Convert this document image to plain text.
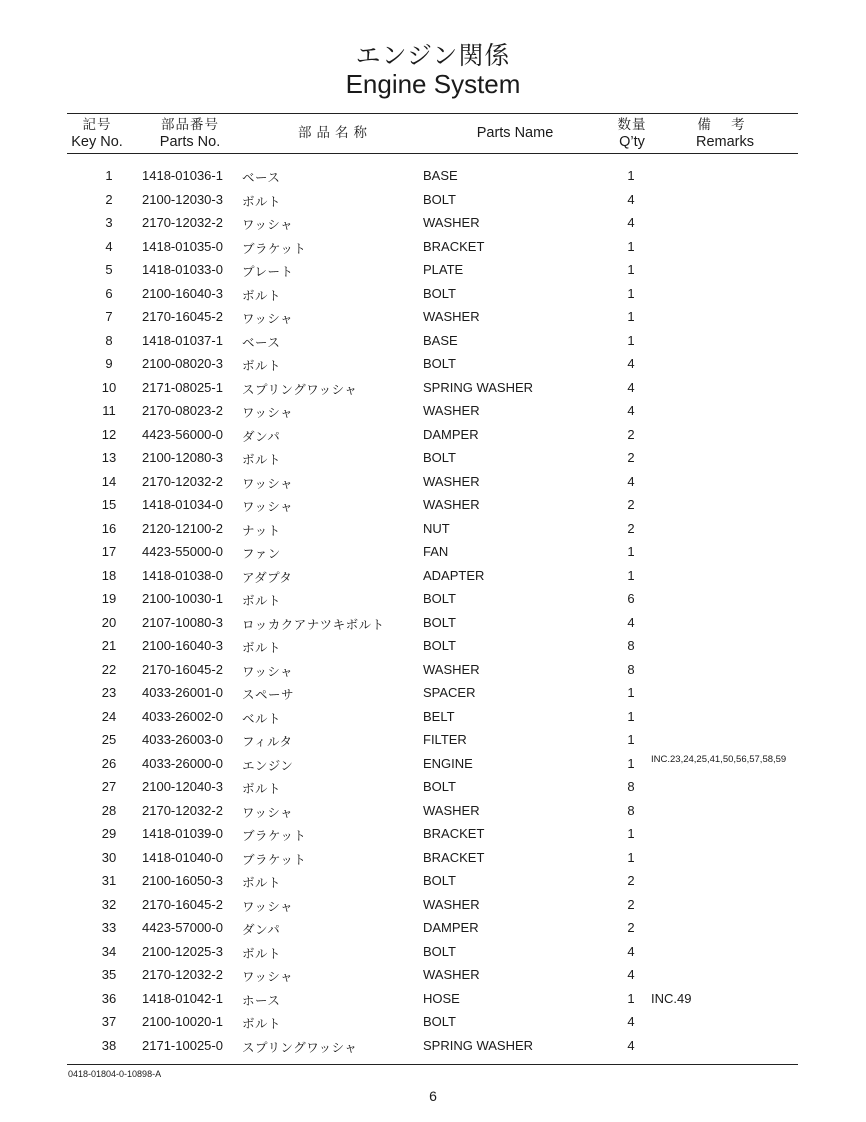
エンジン関係
Engine System
記号
Key No.
部品番号
Parts No.
部品名称	Parts Name	数量
Q’ty
備 考
Remarks
1	1418-01036-1 ベース	BASE	1
2	2100-12030-3 ボルト	BOLT	4
3	2170-12032-2 ワッシャ	WASHER	4
4	1418-01035-0 ブラケット	BRACKET	1
5	1418-01033-0 プレート	PLATE	1
6	2100-16040-3 ボルト	BOLT	1
7	2170-16045-2 ワッシャ	WASHER	1
8	1418-01037-1 ベース	BASE	1
9	2100-08020-3 ボルト	BOLT	4
10	2171-08025-1 スプリングワッシャ	SPRING WASHER	4
11	2170-08023-2 ワッシャ	WASHER	4
12	4423-56000-0 ダンパ	DAMPER	2
13	2100-12080-3 ボルト	BOLT	2
14	2170-12032-2 ワッシャ	WASHER	4
15	1418-01034-0 ワッシャ	WASHER	2
16	2120-12100-2 ナット	NUT	2
17	4423-55000-0 ファン	FAN	1
18	1418-01038-0 アダプタ	ADAPTER	1
19	2100-10030-1 ボルト	BOLT	6
20	2107-10080-3 ロッカクアナツキボルト	BOLT	4
21	2100-16040-3 ボルト	BOLT	8
22	2170-16045-2 ワッシャ	WASHER	8
23	4033-26001-0 スペーサ	SPACER	1
24	4033-26002-0 ベルト	BELT	1
25	4033-26003-0 フィルタ	FILTER	1
26	4033-26000-0 エンジン	ENGINE	1	INC.23,24,25,41,50,56,57,58,59
27	2100-12040-3 ボルト	BOLT	8
28	2170-12032-2 ワッシャ	WASHER	8
29	1418-01039-0 ブラケット	BRACKET	1
30	1418-01040-0 ブラケット	BRACKET	1
31	2100-16050-3 ボルト	BOLT	2
32	2170-16045-2 ワッシャ	WASHER	2
33	4423-57000-0 ダンパ	DAMPER	2
34	2100-12025-3 ボルト	BOLT	4
35	2170-12032-2 ワッシャ	WASHER	4
36	1418-01042-1 ホース	HOSE	1	INC.49
37	2100-10020-1 ボルト	BOLT	4
38	2171-10025-0 スプリングワッシャ	SPRING WASHER	4
0418-01804-0-10898-A
6
